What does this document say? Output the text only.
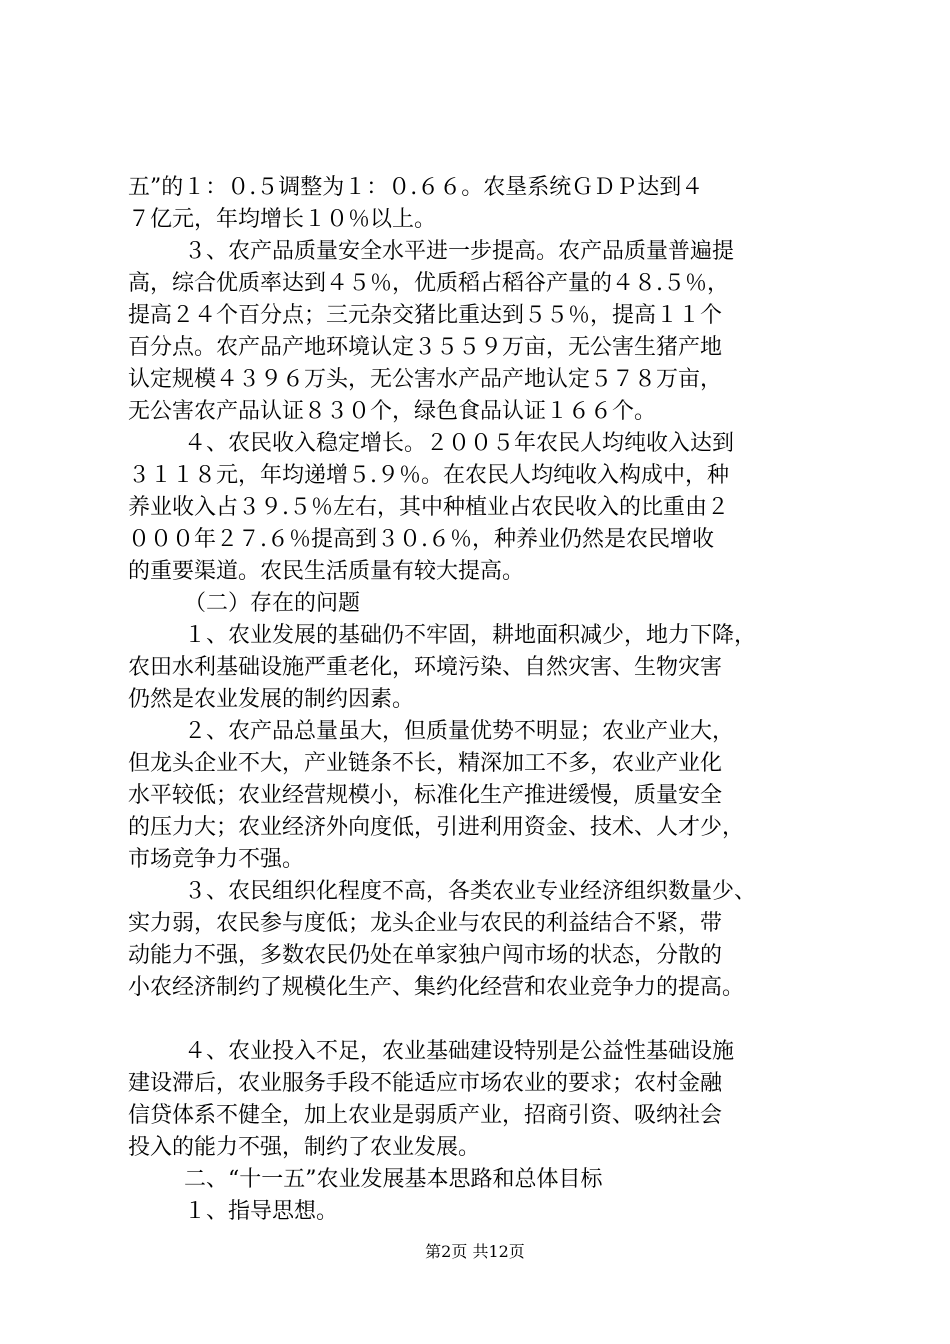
五”的１：０.５调整为１：０.６６。农垦系统ＧＤＰ达到４
７亿元，年均增长１０％以上。
３、农产品质量安全水平进一步提高。农产品质量普遍提
高，综合优质率达到４５％，优质稻占稻谷产量的４８.５％，
提高２４个百分点；三元杂交猪比重达到５５％，提高１１个
百分点。农产品产地环境认定３５５９万亩，无公害生猪产地
认定规模４３９６万头，无公害水产品产地认定５７８万亩，
无公害农产品认证８３０个，绿色食品认证１６６个。
４、农民收入稳定增长。２００５年农民人均纯收入达到
３１１８元，年均递增５.９％。在农民人均纯收入构成中，种
养业收入占３９.５％左右，其中种植业占农民收入的比重由２
０００年２７.６％提高到３０.６％，种养业仍然是农民增收
的重要渠道。农民生活质量有较大提高。
（二）存在的问题
１、农业发展的基础仍不牢固，耕地面积减少，地力下降，
农田水利基础设施严重老化，环境污染、自然灾害、生物灾害
仍然是农业发展的制约因素。
２、农产品总量虽大，但质量优势不明显；农业产业大，
但龙头企业不大，产业链条不长，精深加工不多，农业产业化
水平较低；农业经营规模小，标准化生产推进缓慢，质量安全
的压力大；农业经济外向度低，引进利用资金、技术、人才少，
市场竞争力不强。
３、农民组织化程度不高，各类农业专业经济组织数量少、
实力弱，农民参与度低；龙头企业与农民的利益结合不紧，带
动能力不强，多数农民仍处在单家独户闯市场的状态，分散的
小农经济制约了规模化生产、集约化经营和农业竞争力的提高。
４、农业投入不足，农业基础建设特别是公益性基础设施
建设滞后，农业服务手段不能适应市场农业的要求；农村金融
信贷体系不健全，加上农业是弱质产业，招商引资、吸纳社会
投入的能力不强，制约了农业发展。
二、“十一五”农业发展基本思路和总体目标
１、指导思想。
第2页 共12页
